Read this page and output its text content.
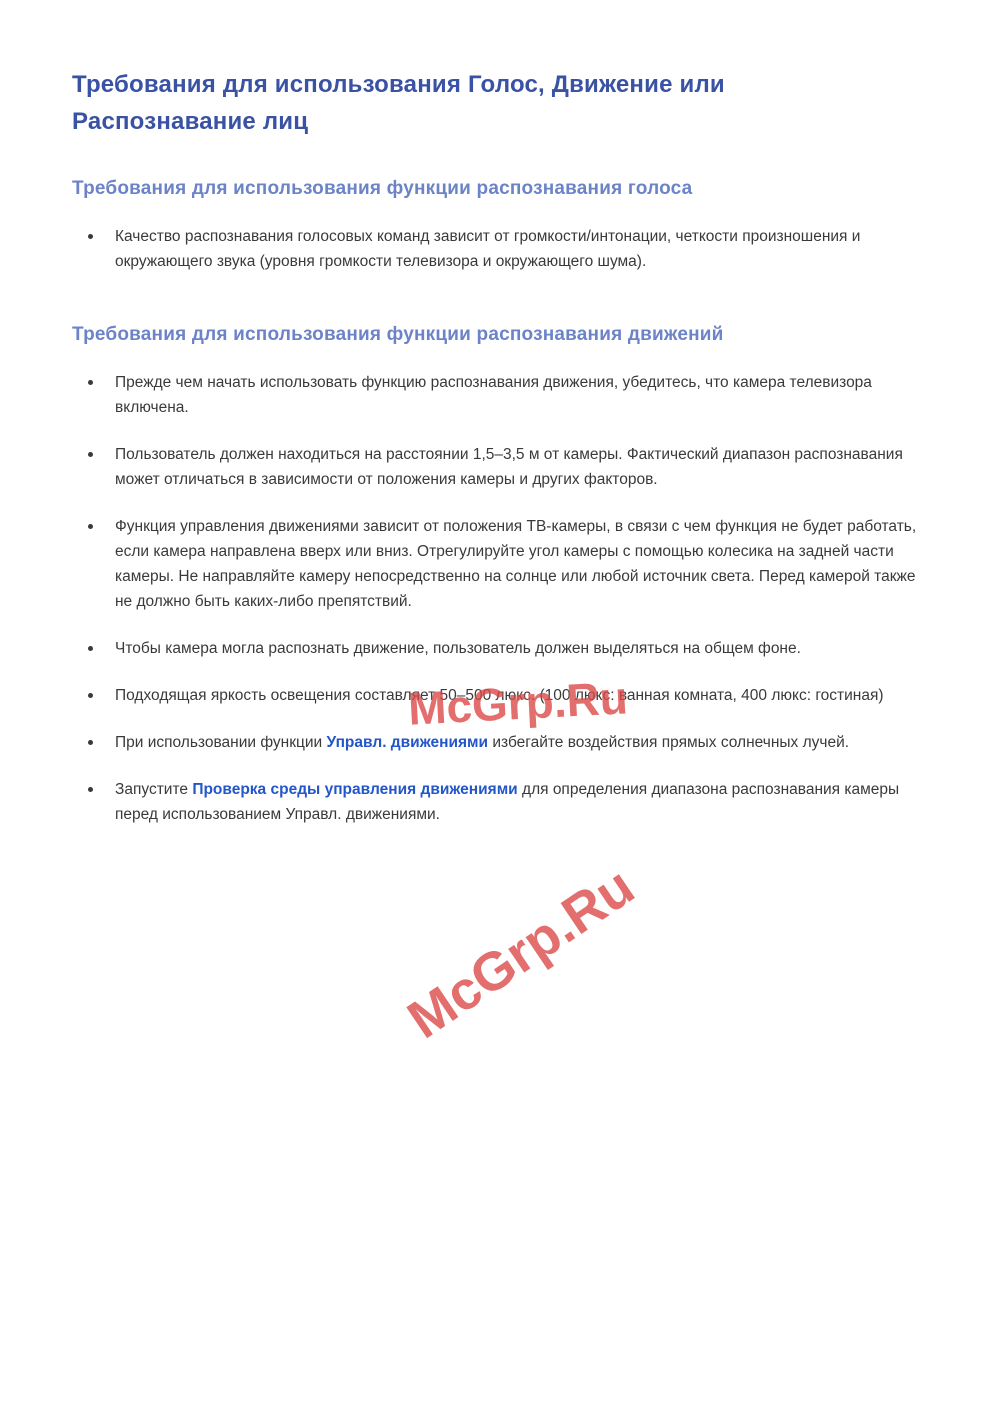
Требования для использования Голос, Движение или Распознавание лиц
Требования для использования функции распознавания голоса

Качество распознавания голосовых команд зависит от громкости/интонации, четкости произношения и окружающего звука (уровня громкости телевизора и окружающего шума).

Требования для использования функции распознавания движений

Прежде чем начать использовать функцию распознавания движения, убедитесь, что камера телевизора включена.

Пользователь должен находиться на расстоянии 1,5–3,5 м от камеры. Фактический диапазон распознавания может отличаться в зависимости от положения камеры и других факторов.

Функция управления движениями зависит от положения ТВ-камеры, в связи с чем функция не будет работать, если камера направлена вверх или вниз. Отрегулируйте угол камеры с помощью колесика на задней части камеры. Не направляйте камеру непосредственно на солнце или любой источник света. Перед камерой также не должно быть каких-либо препятствий.

Чтобы камера могла распознать движение, пользователь должен выделяться на общем фоне.

Подходящая яркость освещения составляет 50–500 люкс. (100 люкс: ванная комната, 400 люкс: гостиная)

При использовании функции Управл. движениями избегайте воздействия прямых солнечных лучей.

Запустите Проверка среды управления движениями для определения диапазона распознавания камеры перед использованием Управл. движениями.

McGrp.Ru
McGrp.Ru
